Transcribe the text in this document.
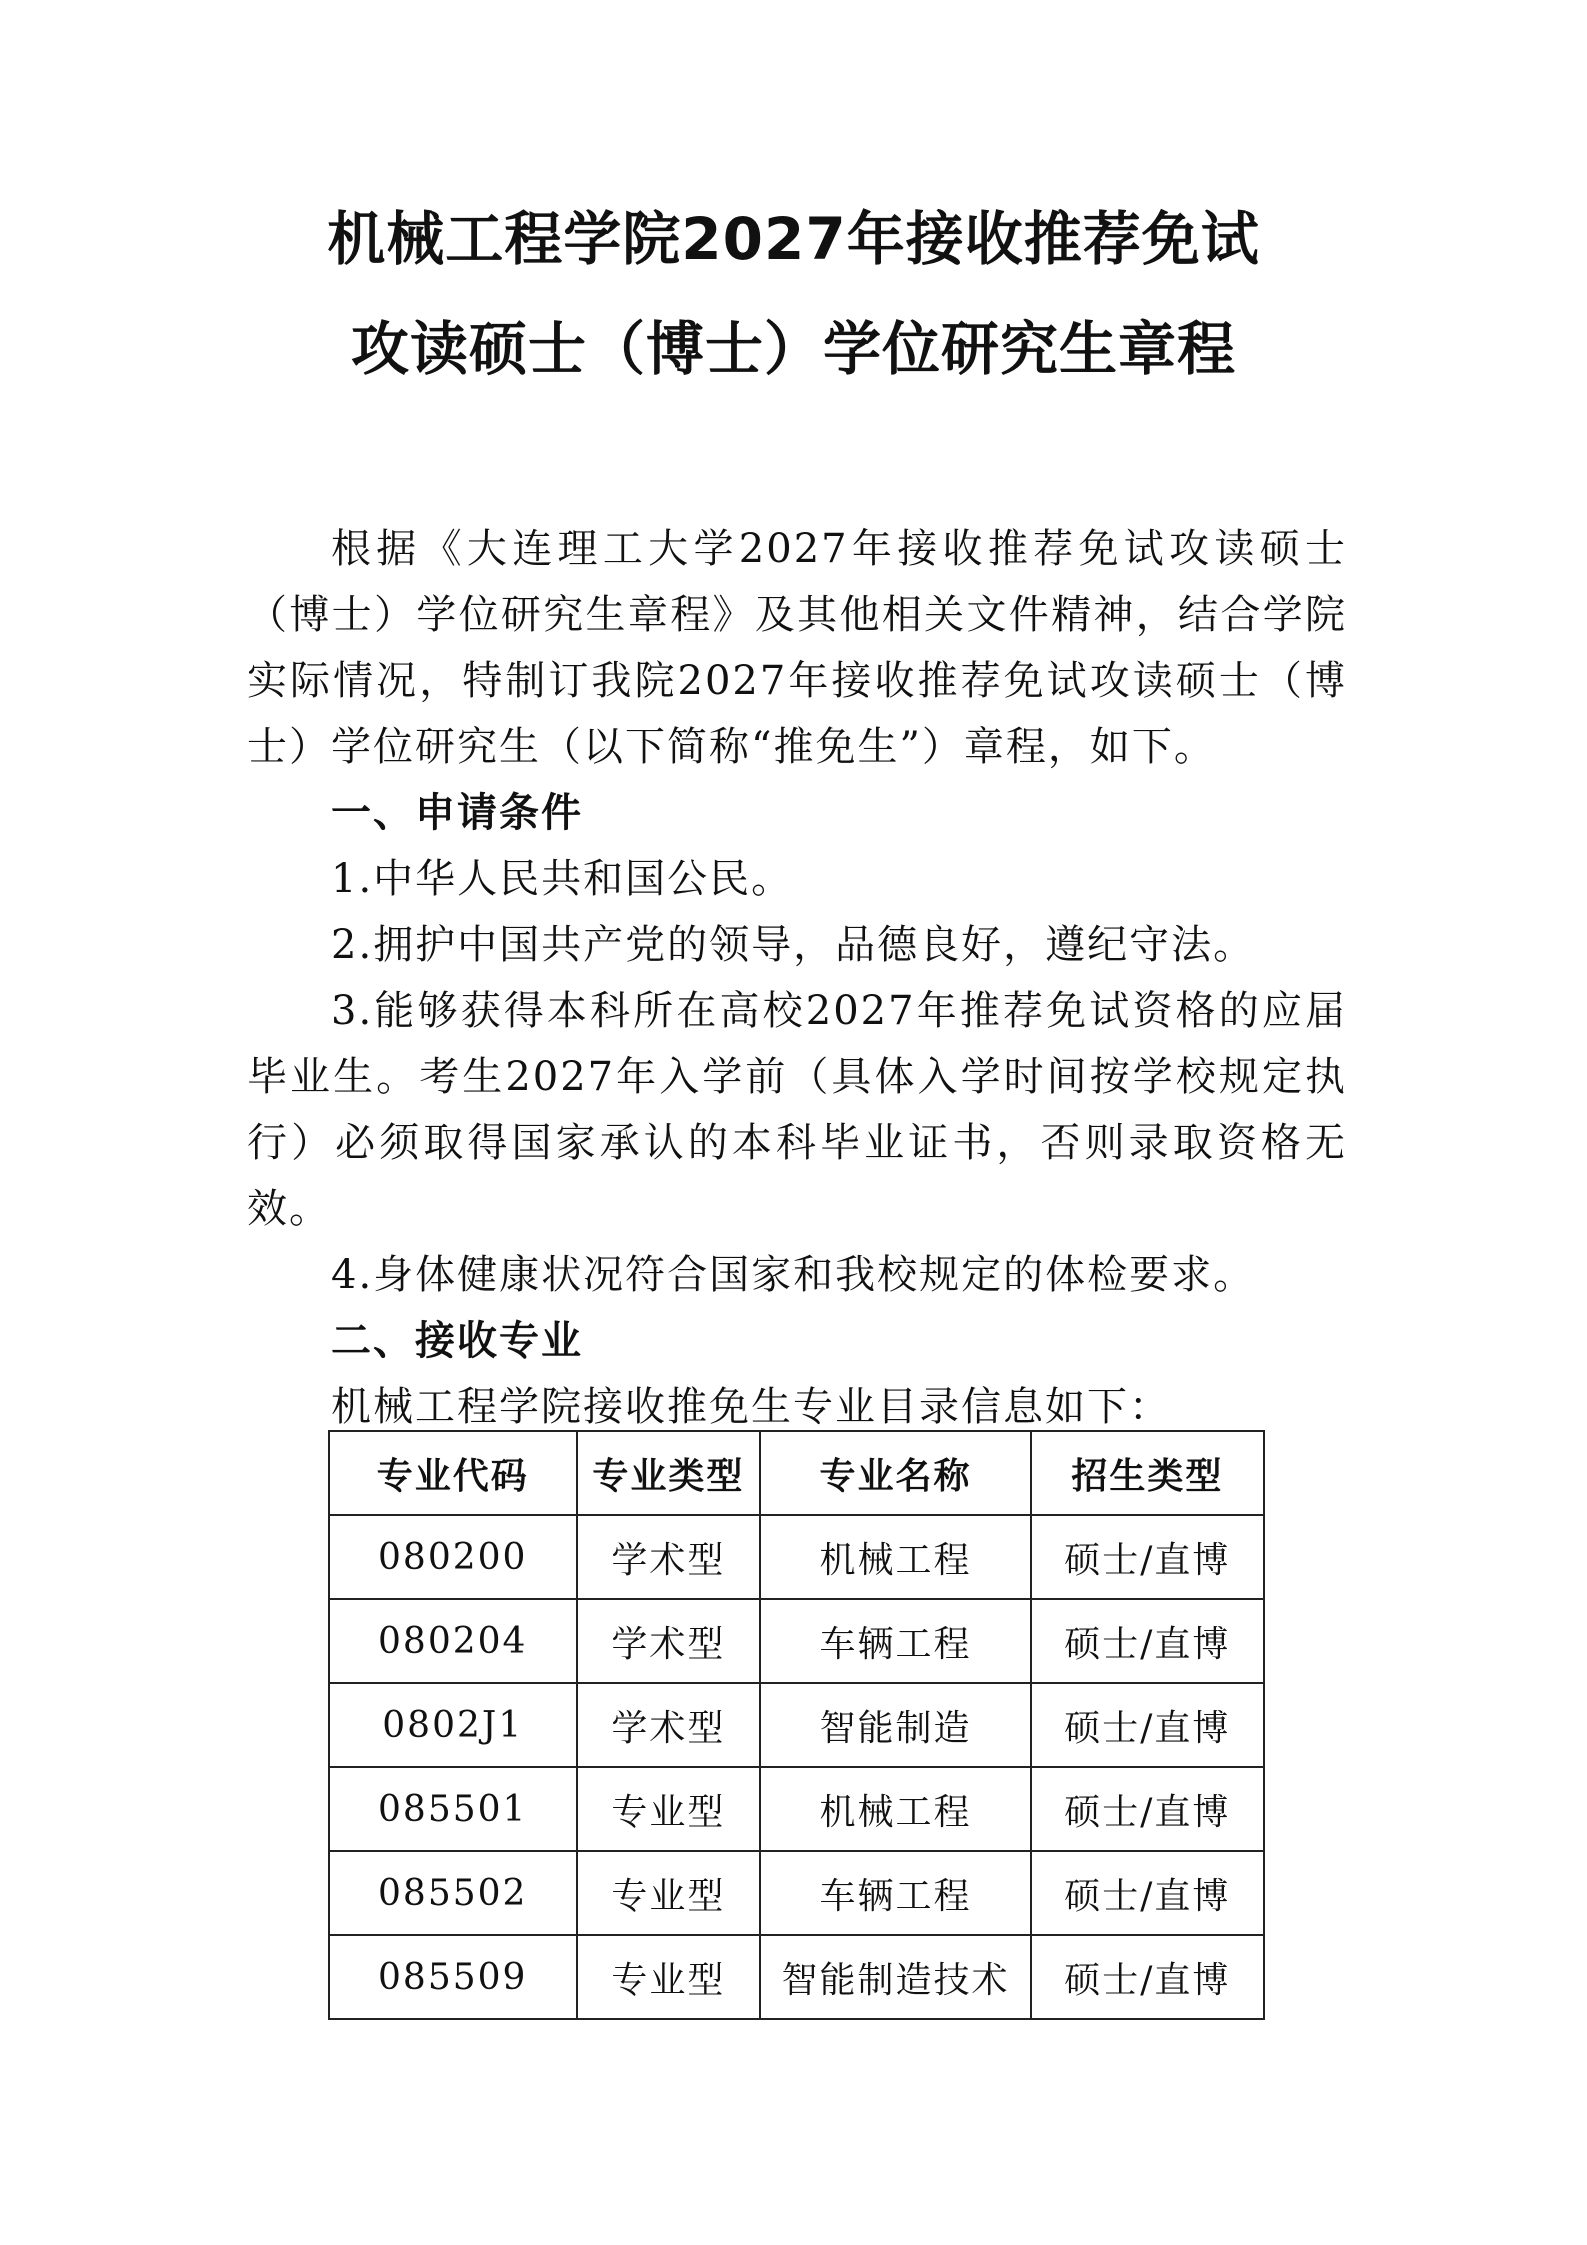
机械工程学院2027年接收推荐免试
攻读硕士（博士）学位研究生章程

根据《大连理工大学2027年接收推荐免试攻读硕士（博士）学位研究生章程》及其他相关文件精神，结合学院实际情况，特制订我院2027年接收推荐免试攻读硕士（博士）学位研究生（以下简称“推免生”）章程，如下。

一、申请条件

1.中华人民共和国公民。

2.拥护中国共产党的领导，品德良好，遵纪守法。

3.能够获得本科所在高校2027年推荐免试资格的应届毕业生。考生2027年入学前（具体入学时间按学校规定执行）必须取得国家承认的本科毕业证书，否则录取资格无效。

4.身体健康状况符合国家和我校规定的体检要求。

二、接收专业

机械工程学院接收推免生专业目录信息如下：

专业代码	专业类型	专业名称	招生类型
080200	学术型	机械工程	硕士/直博
080204	学术型	车辆工程	硕士/直博
0802J1	学术型	智能制造	硕士/直博
085501	专业型	机械工程	硕士/直博
085502	专业型	车辆工程	硕士/直博
085509	专业型	智能制造技术	硕士/直博
